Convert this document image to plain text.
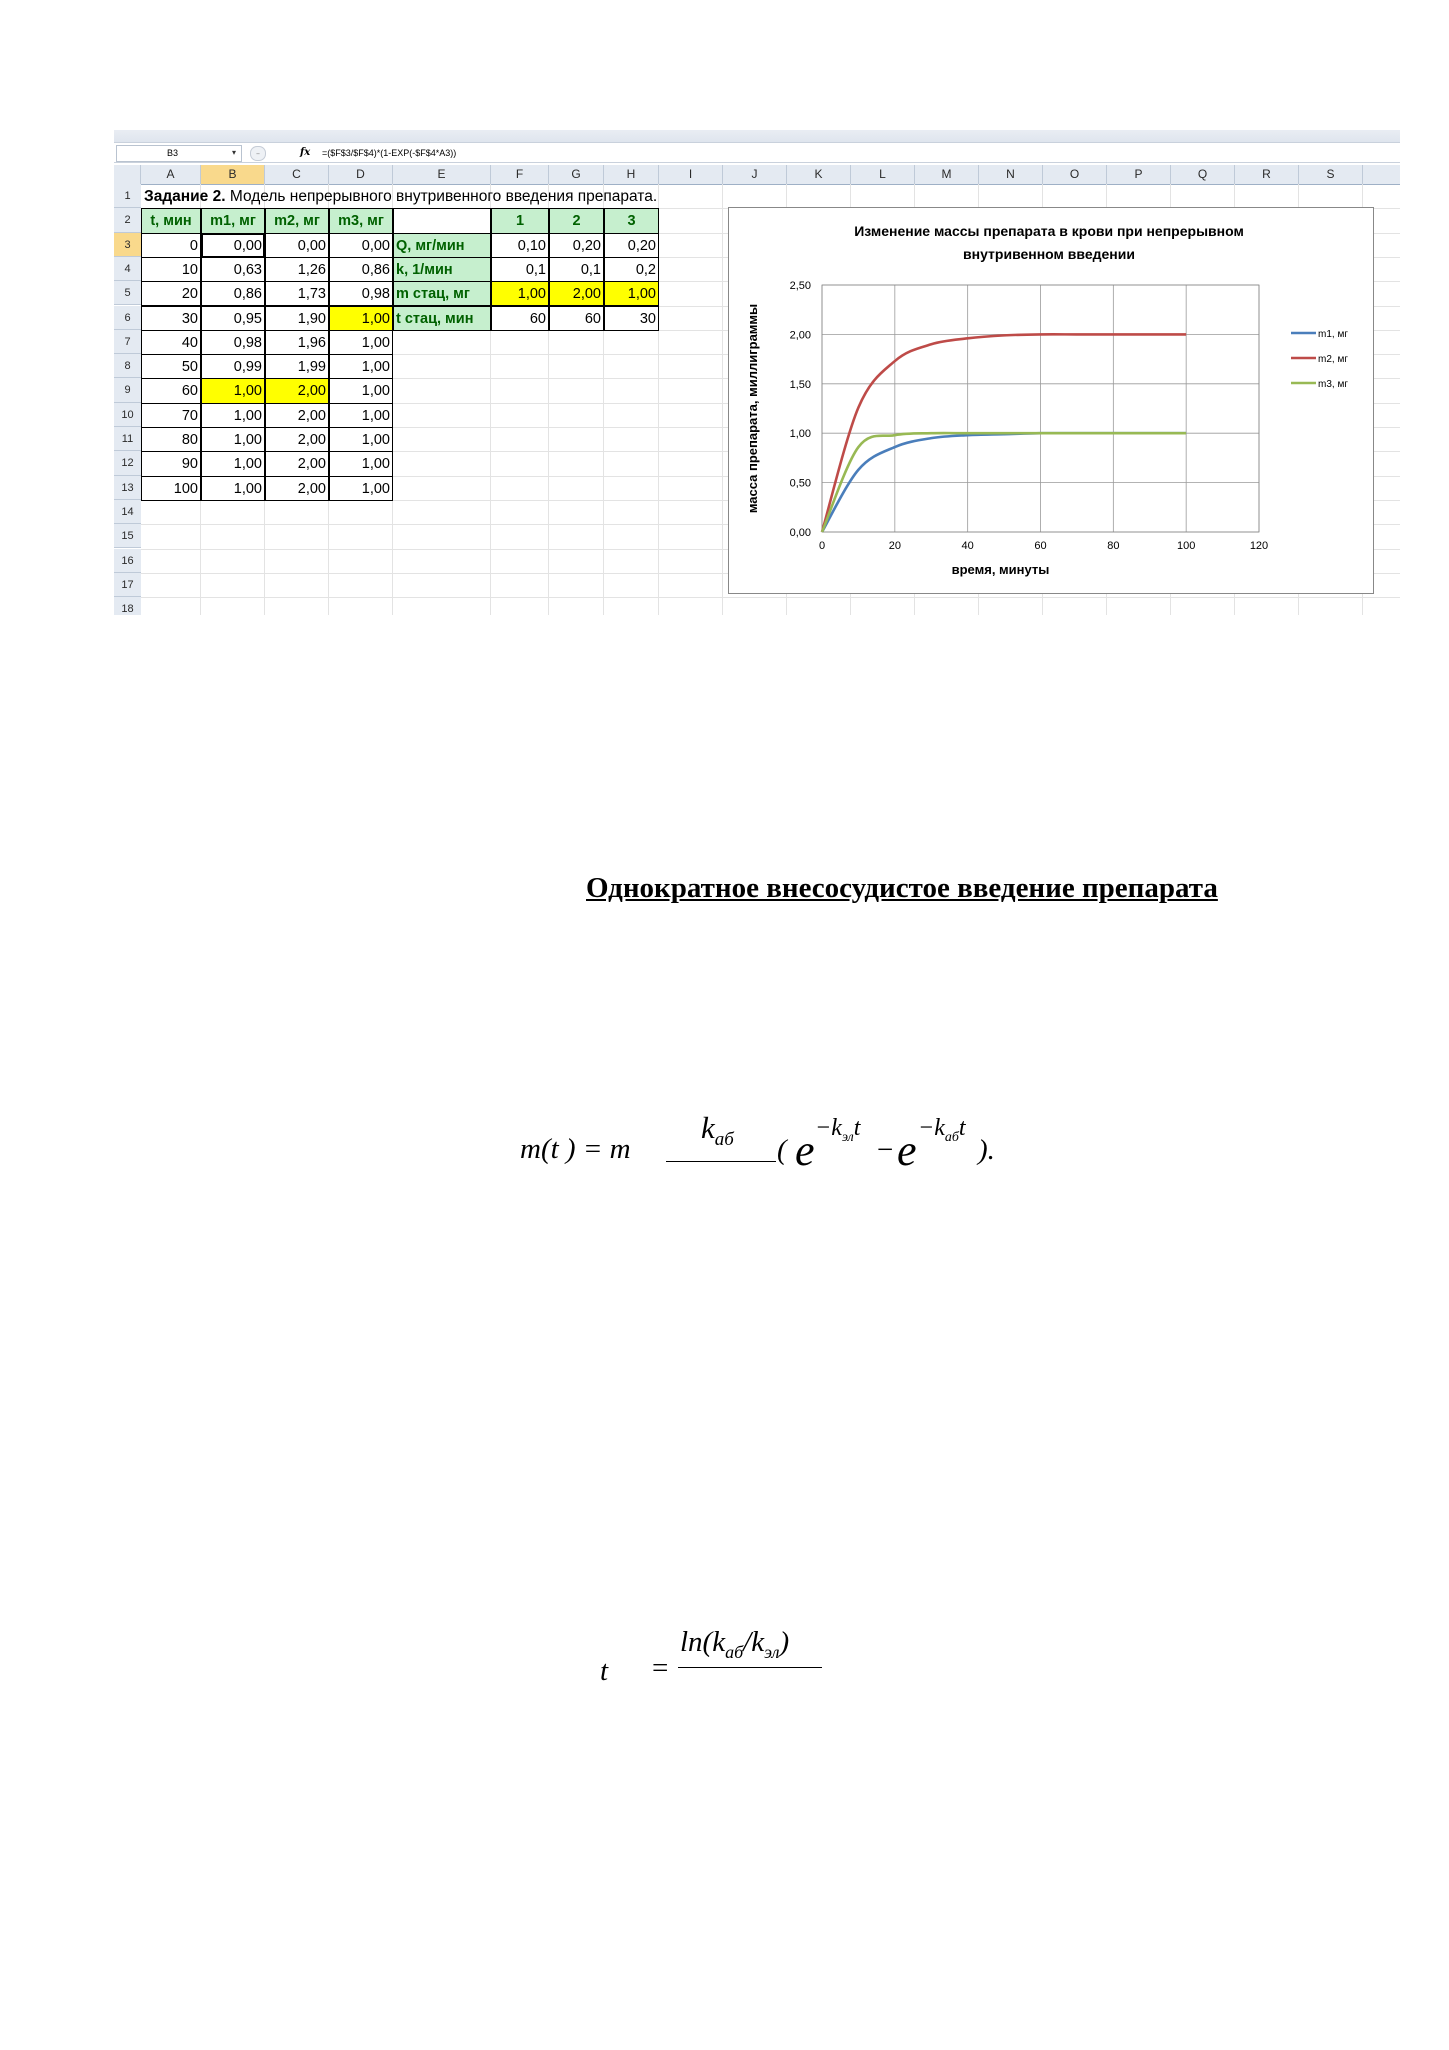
B3	▾	–	fx =($F$3/$F$4)*(1-EXP(-$F$4*A3))
A	B	C	D	E	F	G	H	I	J	K	L	M	N	O	P	Q	R	S
1
2
3
4
5
6
7
8
9
10
11
12
13
14
15
16
17
18
t, мин	m1, мг	m2, мг	m3, мг
0	0,00	0,00	0,00
10	0,63	1,26	0,86
20	0,86	1,73	0,98
30	0,95	1,90	1,00
40	0,98	1,96	1,00
50	0,99	1,99	1,00
60	1,00	2,00	1,00
70	1,00	2,00	1,00
80	1,00	2,00	1,00
90	1,00	2,00	1,00
100	1,00	2,00	1,00
1	2	3
Q, мг/мин	0,10	0,20	0,20
k, 1/мин	0,1	0,1	0,2
m стац, мг	1,00	2,00	1,00
t стац, мин	60	60	30
Задание 2. Модель непрерывного внутривенного введения препарата.
Изменение массы препарата в крови при непрерывном
внутривенном введении
0	20	40	60	80	100	120
0,00
0,50
1,00
1,50
2,00
2,50
время, минуты
масса препарата, миллиграммы	m1, мг
m2, мг
m3, мг
Однократное внесосудистое введение препарата
m(t ) = m
$k_{аб}$ ( $e -k_{эл}t$
− $e -k_{аб}t$
).
t =
$\ln(k_{аб}/k_{эл})$
